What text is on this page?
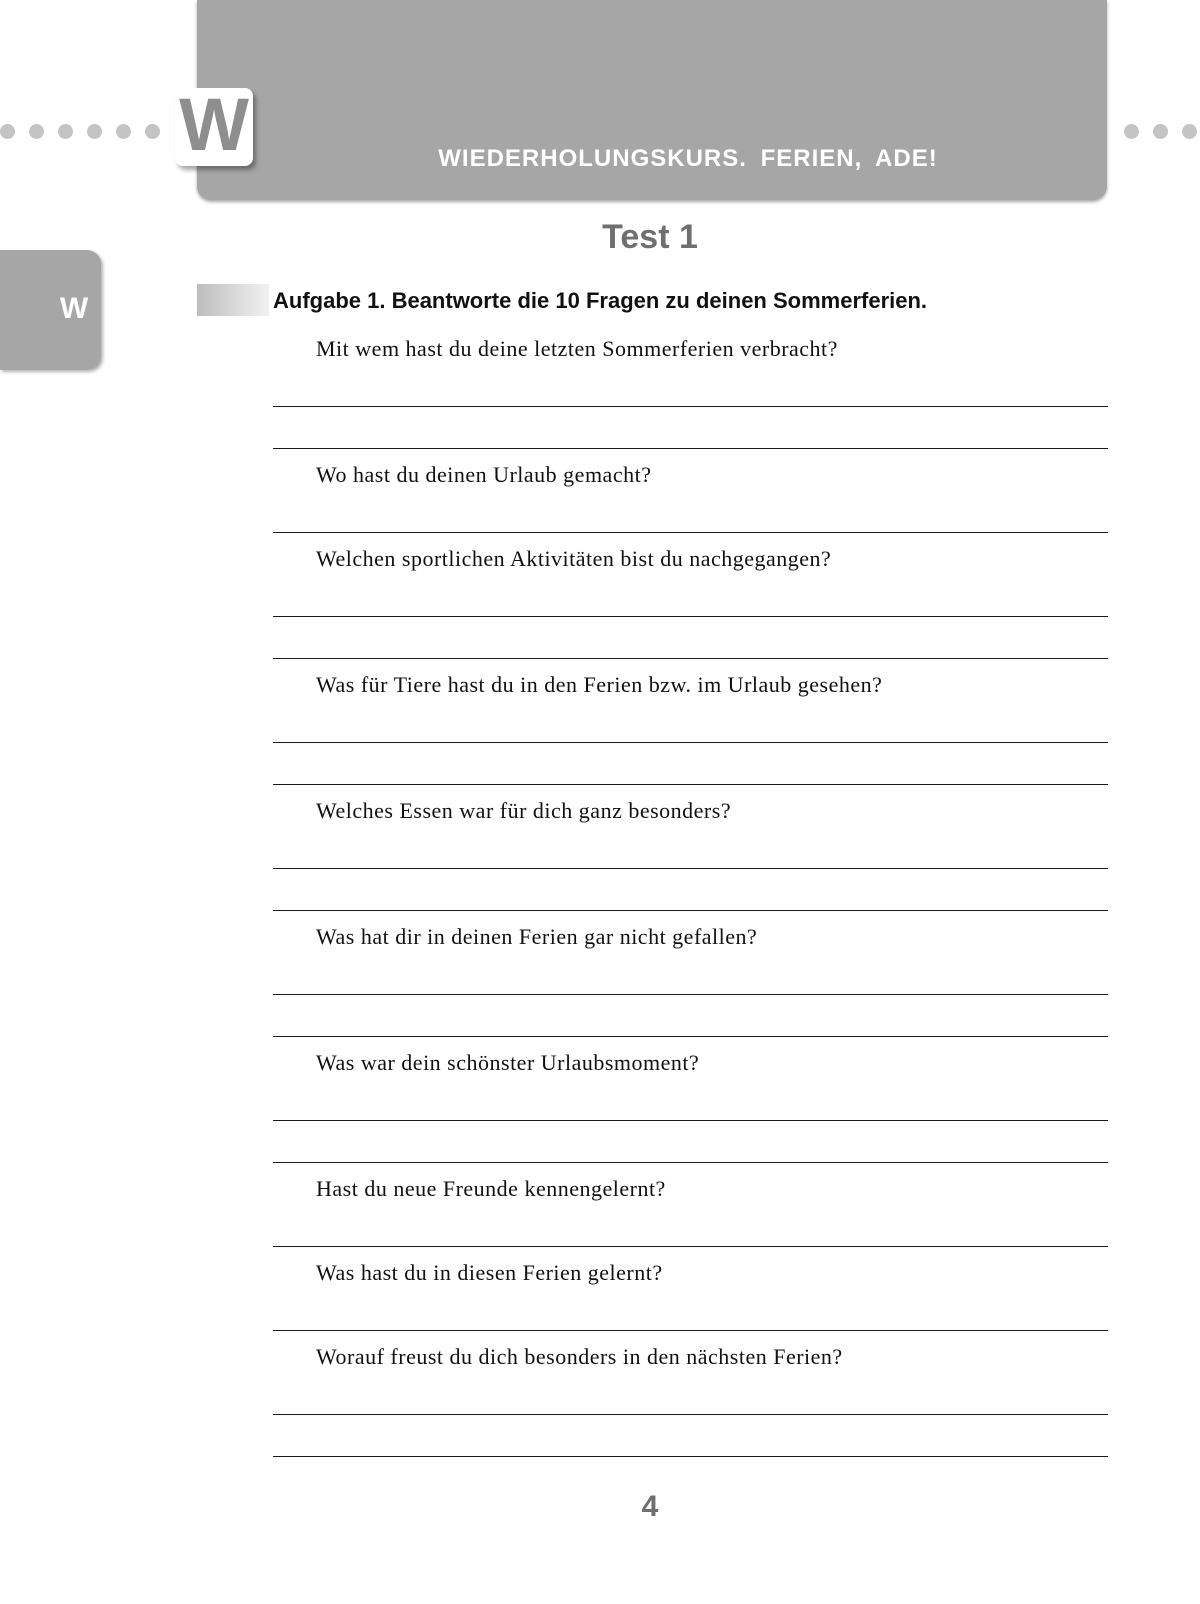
WIEDERHOLUNGSKURS. FERIEN, ADE!
W
W
Test 1
Aufgabe 1. Beantworte die 10 Fragen zu deinen Sommerferien.
Mit wem hast du deine letzten Sommerferien verbracht?
Wo hast du deinen Urlaub gemacht?
Welchen sportlichen Aktivitäten bist du nachgegangen?
Was für Tiere hast du in den Ferien bzw. im Urlaub gesehen?
Welches Essen war für dich ganz besonders?
Was hat dir in deinen Ferien gar nicht gefallen?
Was war dein schönster Urlaubsmoment?
Hast du neue Freunde kennengelernt?
Was hast du in diesen Ferien gelernt?
Worauf freust du dich besonders in den nächsten Ferien?
4
